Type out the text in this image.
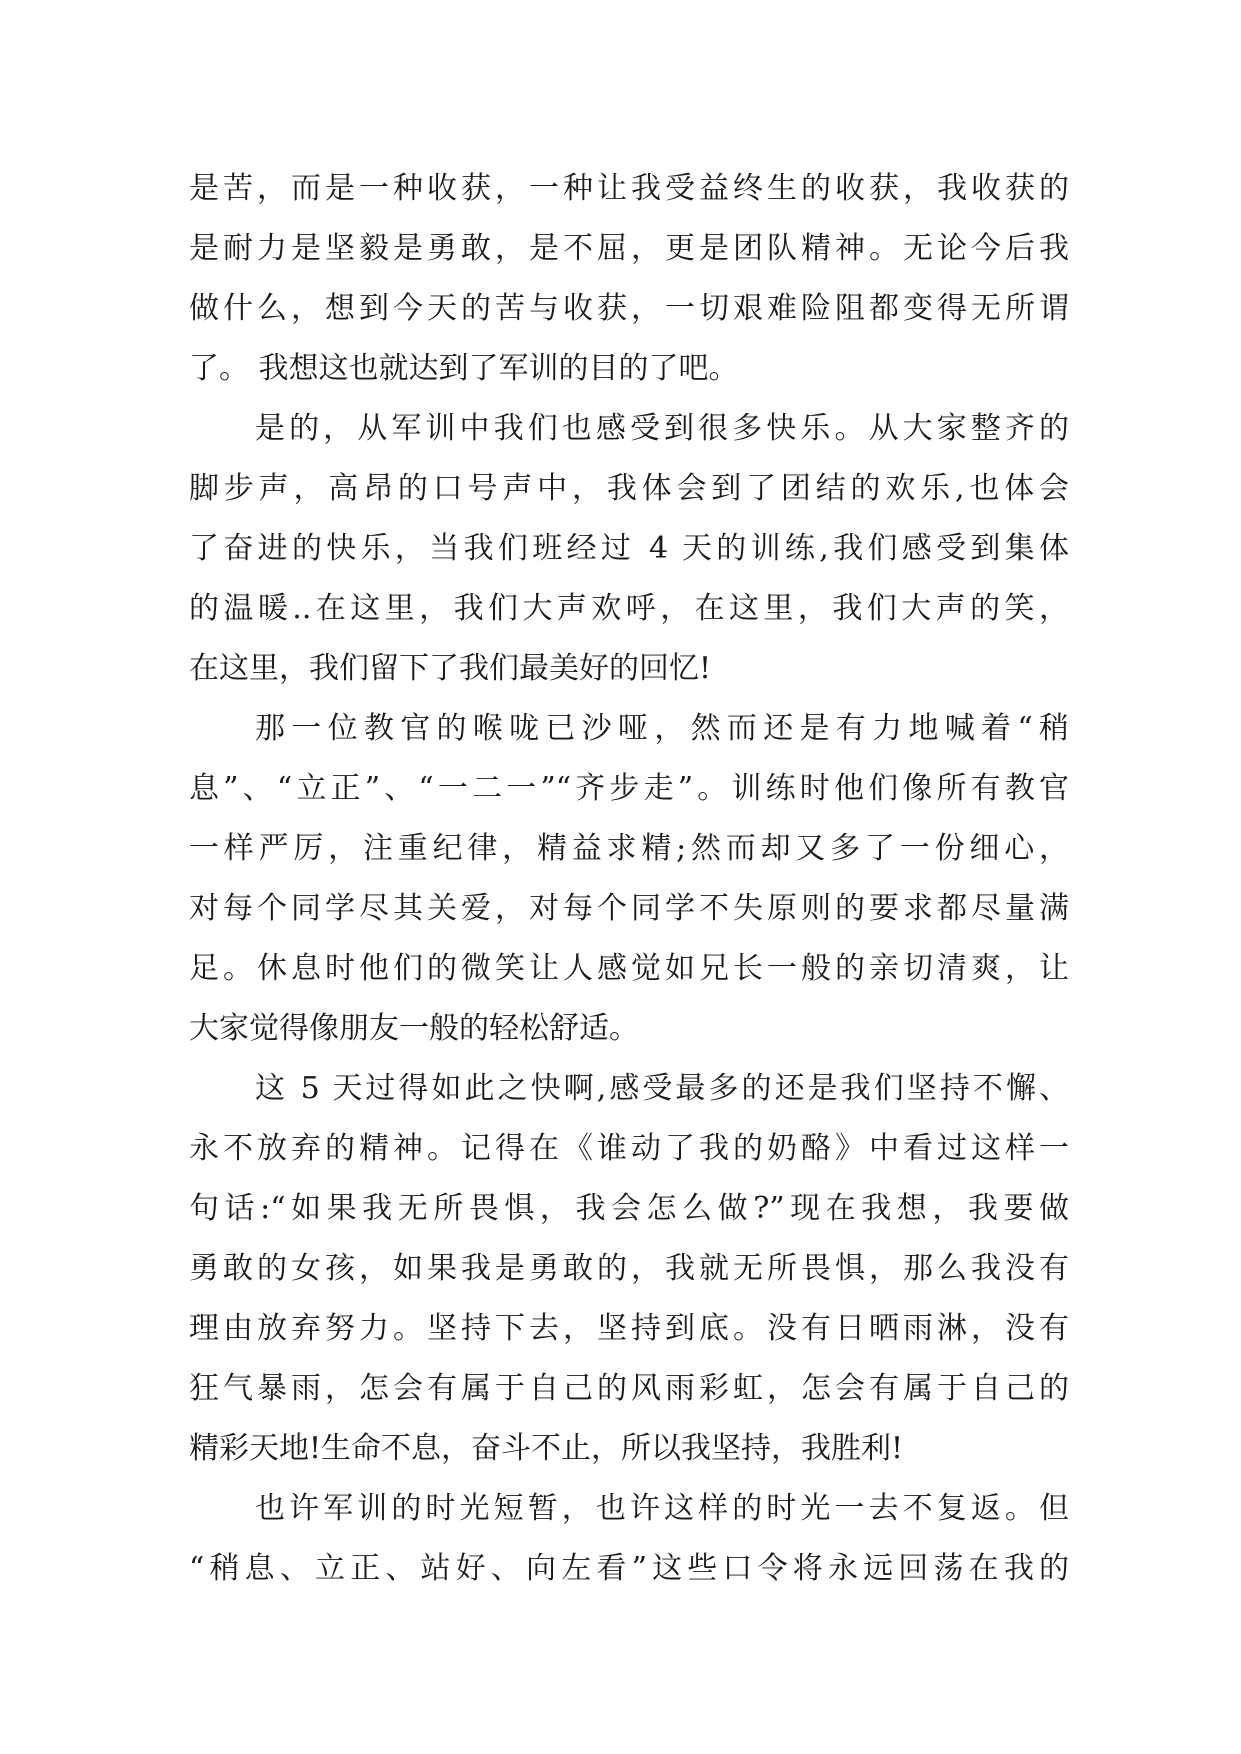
是苦，而是一种收获，一种让我受益终生的收获，我收获的
是耐力是坚毅是勇敢，是不屈，更是团队精神。无论今后我
做什么，想到今天的苦与收获，一切艰难险阻都变得无所谓
了。 我想这也就达到了军训的目的了吧。
是的，从军训中我们也感受到很多快乐。从大家整齐的
脚步声，高昂的口号声中，我体会到了团结的欢乐,也体会
了奋进的快乐，当我们班经过 4 天的训练,我们感受到集体
的温暖..在这里，我们大声欢呼，在这里，我们大声的笑，
在这里，我们留下了我们最美好的回忆!
那一位教官的喉咙已沙哑，然而还是有力地喊着“稍
息”、“立正”、“一二一”“齐步走”。训练时他们像所有教官
一样严厉，注重纪律，精益求精;然而却又多了一份细心，
对每个同学尽其关爱，对每个同学不失原则的要求都尽量满
足。休息时他们的微笑让人感觉如兄长一般的亲切清爽，让
大家觉得像朋友一般的轻松舒适。
这 5 天过得如此之快啊,感受最多的还是我们坚持不懈、
永不放弃的精神。记得在《谁动了我的奶酪》中看过这样一
句话:“如果我无所畏惧，我会怎么做?”现在我想，我要做
勇敢的女孩，如果我是勇敢的，我就无所畏惧，那么我没有
理由放弃努力。坚持下去，坚持到底。没有日晒雨淋，没有
狂气暴雨，怎会有属于自己的风雨彩虹，怎会有属于自己的
精彩天地!生命不息，奋斗不止，所以我坚持，我胜利!
也许军训的时光短暂，也许这样的时光一去不复返。但
“稍息、立正、站好、向左看”这些口令将永远回荡在我的
